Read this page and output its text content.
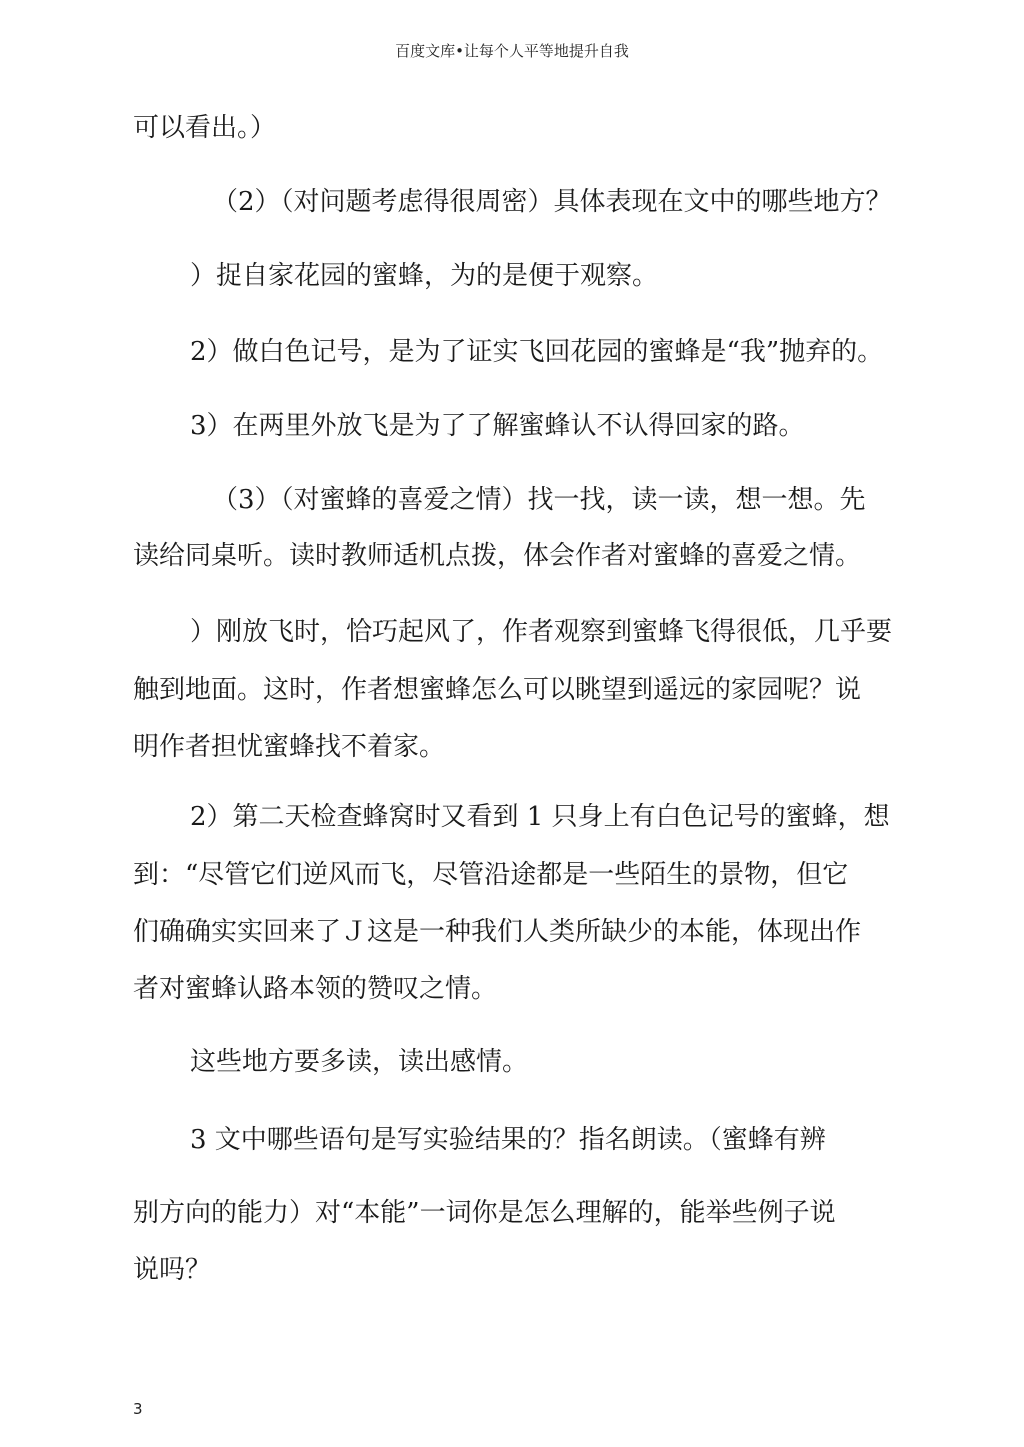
百度文库•让每个人平等地提升自我
可以看出。）
（2）（对问题考虑得很周密）具体表现在文中的哪些地方？
）捉自家花园的蜜蜂，为的是便于观察。
2）做白色记号，是为了证实飞回花园的蜜蜂是“我”抛弃的。
3）在两里外放飞是为了了解蜜蜂认不认得回家的路。
（3）（对蜜蜂的喜爱之情）找一找，读一读，想一想。先
读给同桌听。读时教师适机点拨，体会作者对蜜蜂的喜爱之情。
）刚放飞时，恰巧起风了，作者观察到蜜蜂飞得很低，几乎要
触到地面。这时，作者想蜜蜂怎么可以眺望到遥远的家园呢？说
明作者担忧蜜蜂找不着家。
2）第二天检查蜂窝时又看到 1 只身上有白色记号的蜜蜂，想
到：“尽管它们逆风而飞，尽管沿途都是一些陌生的景物，但它
们确确实实回来了Ｊ这是一种我们人类所缺少的本能，体现出作
者对蜜蜂认路本领的赞叹之情。
这些地方要多读，读出感情。
3 文中哪些语句是写实验结果的？指名朗读。（蜜蜂有辨
别方向的能力）对“本能”一词你是怎么理解的，能举些例子说
说吗？
3
